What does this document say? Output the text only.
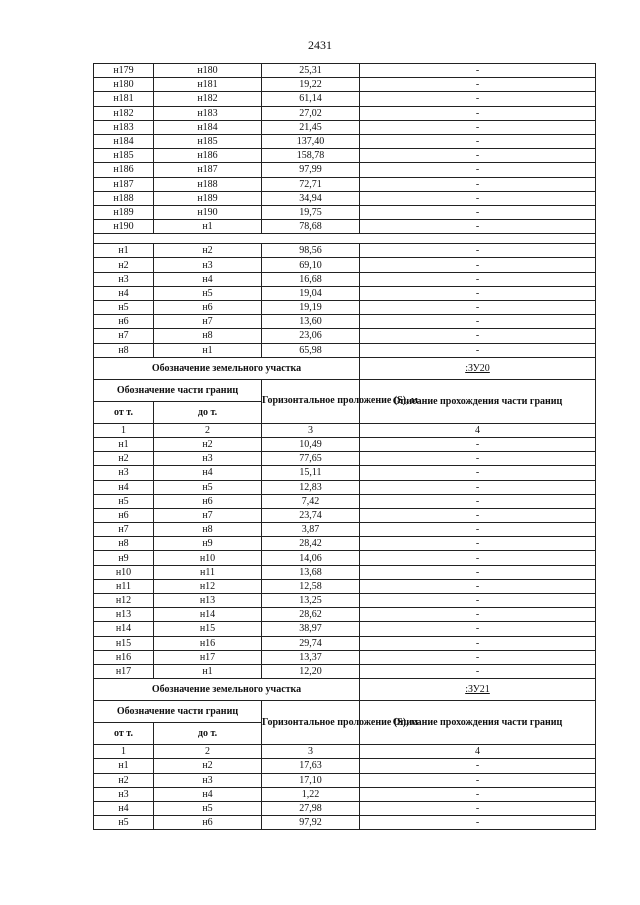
2431
н179	н180	25,31	-
н180	н181	19,22	-
н181	н182	61,14	-
н182	н183	27,02	-
н183	н184	21,45	-
н184	н185	137,40	-
н185	н186	158,78	-
н186	н187	97,99	-
н187	н188	72,71	-
н188	н189	34,94	-
н189	н190	19,75	-
н190	н1	78,68	-

н1	н2	98,56	-
н2	н3	69,10	-
н3	н4	16,68	-
н4	н5	19,04	-
н5	н6	19,19	-
н6	н7	13,60	-
н7	н8	23,06	-
н8	н1	65,98	-
Обозначение земельного участка			:ЗУ20
Обозначение части границ		Горизонтальное проложение (S), м	Описание прохождения части границ
от т.	до т.		
1	2	3	4
н1	н2	10,49	-
н2	н3	77,65	-
н3	н4	15,11	-
н4	н5	12,83	-
н5	н6	7,42	-
н6	н7	23,74	-
н7	н8	3,87	-
н8	н9	28,42	-
н9	н10	14,06	-
н10	н11	13,68	-
н11	н12	12,58	-
н12	н13	13,25	-
н13	н14	28,62	-
н14	н15	38,97	-
н15	н16	29,74	-
н16	н17	13,37	-
н17	н1	12,20	-
Обозначение земельного участка			:ЗУ21
Обозначение части границ		Горизонтальное проложение (S), м	Описание прохождения части границ
от т.	до т.		
1	2	3	4
н1	н2	17,63	-
н2	н3	17,10	-
н3	н4	1,22	-
н4	н5	27,98	-
н5	н6	97,92	-
